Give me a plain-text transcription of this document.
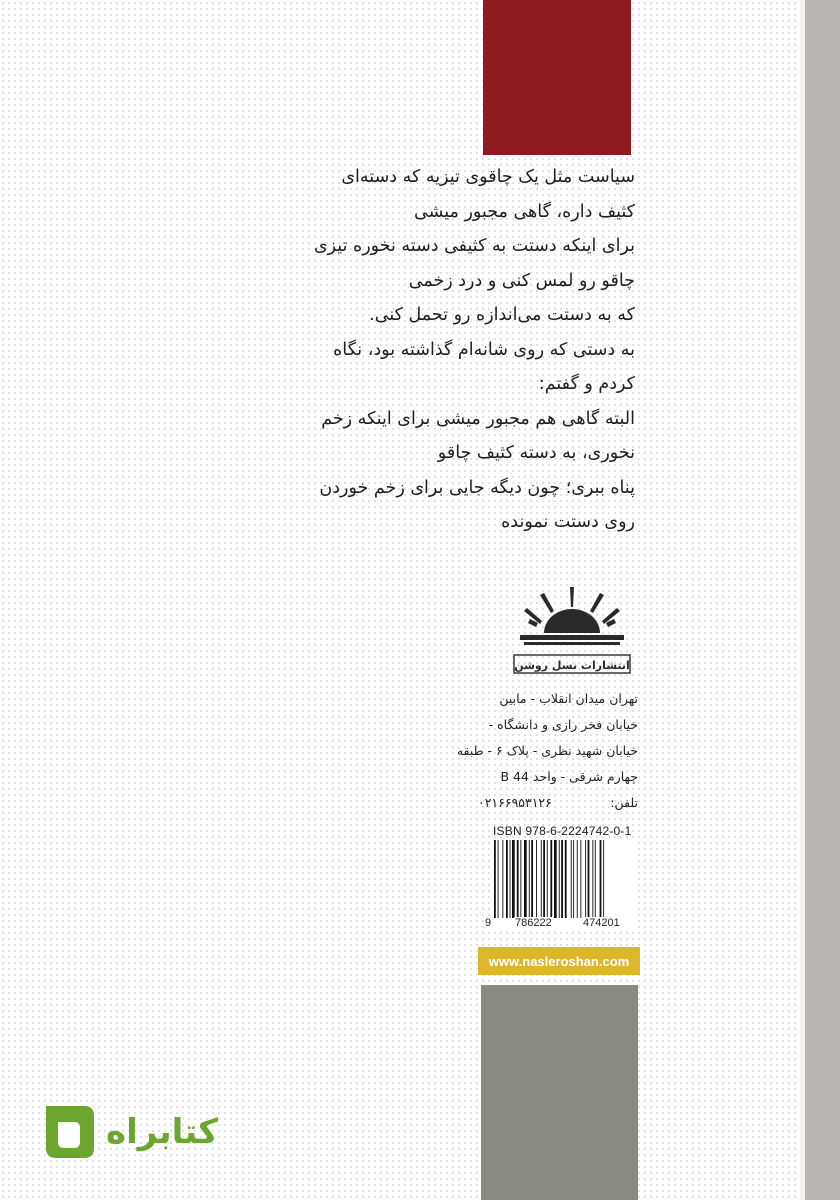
سیاست مثل یک چاقوی تیزیه که دسته‌ای
کثیف داره، گاهی مجبور میشی
برای اینکه دستت به کثیفی دسته نخوره تیزی
چاقو رو لمس کنی و درد زخمی
که به دستت می‌اندازه رو تحمل کنی.
به دستی که روی شانه‌ام گذاشته بود، نگاه
کردم و گفتم:
البته گاهی هم مجبور میشی برای اینکه زخم
نخوری، به دسته کثیف چاقو
پناه ببری؛ چون دیگه جایی برای زخم خوردن
روی دستت نمونده
انتشارات نسل روشن
تهران میدان انقلاب - مابین
خیابان فخر رازی و دانشگاه -
خیابان شهید نظری - پلاک ۶ - طبقه
چهارم شرقی - واحد 44 B
تلفن:
۰۲۱۶۶۹۵۳۱۲۶
ISBN 978-6-2224742-0-1
9 786222	474201
www.nasleroshan.com
کتابراه
